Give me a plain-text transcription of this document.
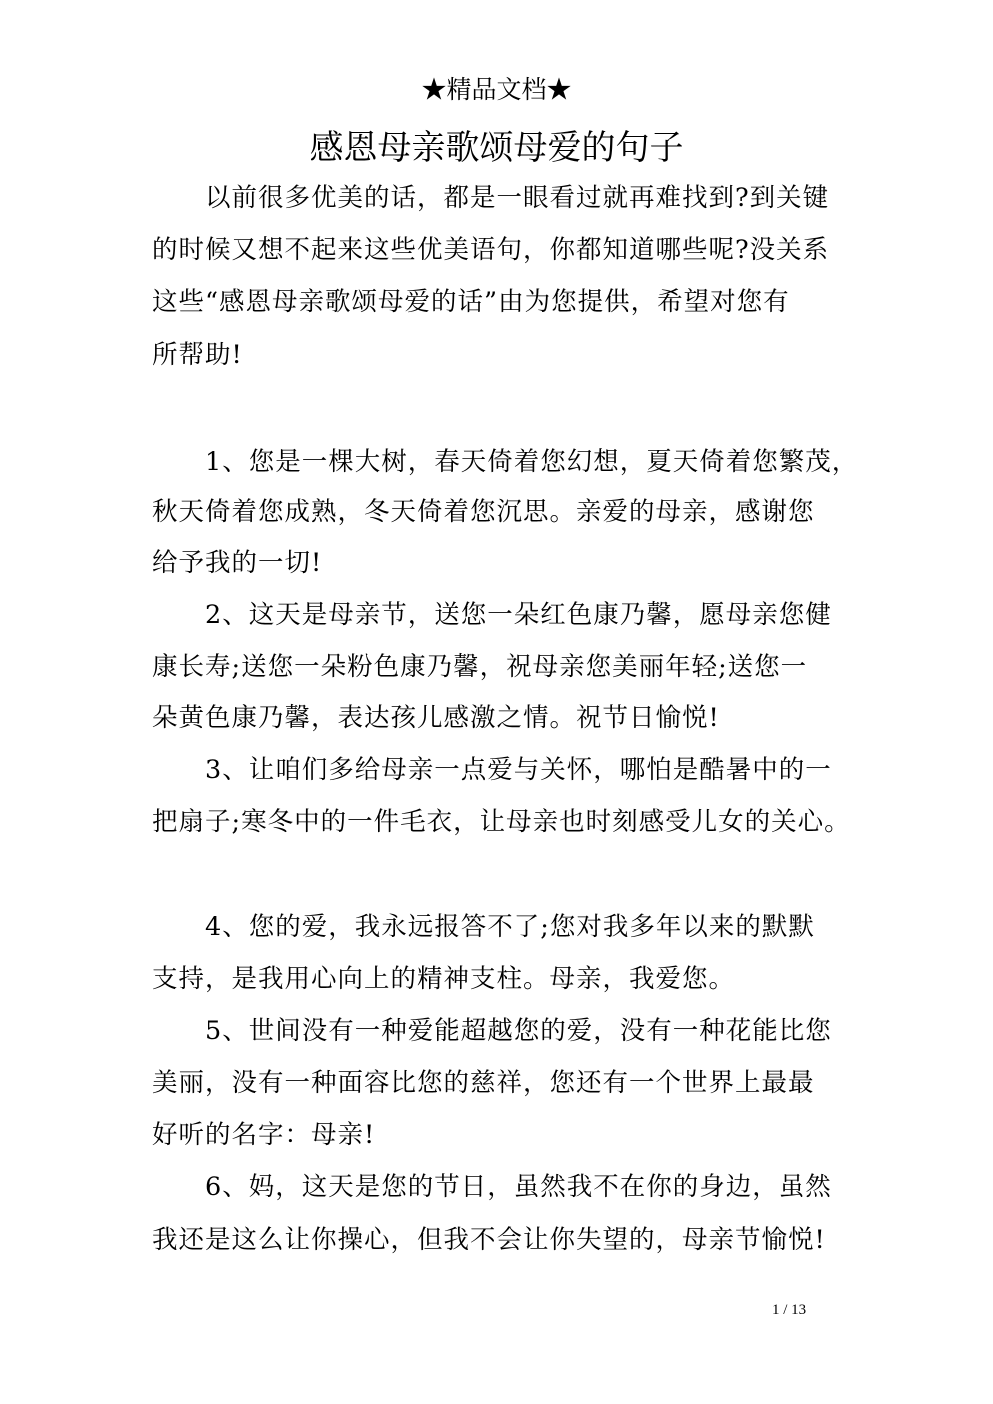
★精品文档★
感恩母亲歌颂母爱的句子
以前很多优美的话，都是一眼看过就再难找到?到关键
的时候又想不起来这些优美语句，你都知道哪些呢?没关系
这些“感恩母亲歌颂母爱的话”由为您提供，希望对您有
所帮助!
1、您是一棵大树，春天倚着您幻想，夏天倚着您繁茂，
秋天倚着您成熟，冬天倚着您沉思。亲爱的母亲，感谢您
给予我的一切!
2、这天是母亲节，送您一朵红色康乃馨，愿母亲您健
康长寿;送您一朵粉色康乃馨，祝母亲您美丽年轻;送您一
朵黄色康乃馨，表达孩儿感激之情。祝节日愉悦!
3、让咱们多给母亲一点爱与关怀，哪怕是酷暑中的一
把扇子;寒冬中的一件毛衣，让母亲也时刻感受儿女的关心。
4、您的爱，我永远报答不了;您对我多年以来的默默
支持，是我用心向上的精神支柱。母亲，我爱您。
5、世间没有一种爱能超越您的爱，没有一种花能比您
美丽，没有一种面容比您的慈祥，您还有一个世界上最最
好听的名字：母亲!
6、妈，这天是您的节日，虽然我不在你的身边，虽然
我还是这么让你操心，但我不会让你失望的，母亲节愉悦!
1 / 13
